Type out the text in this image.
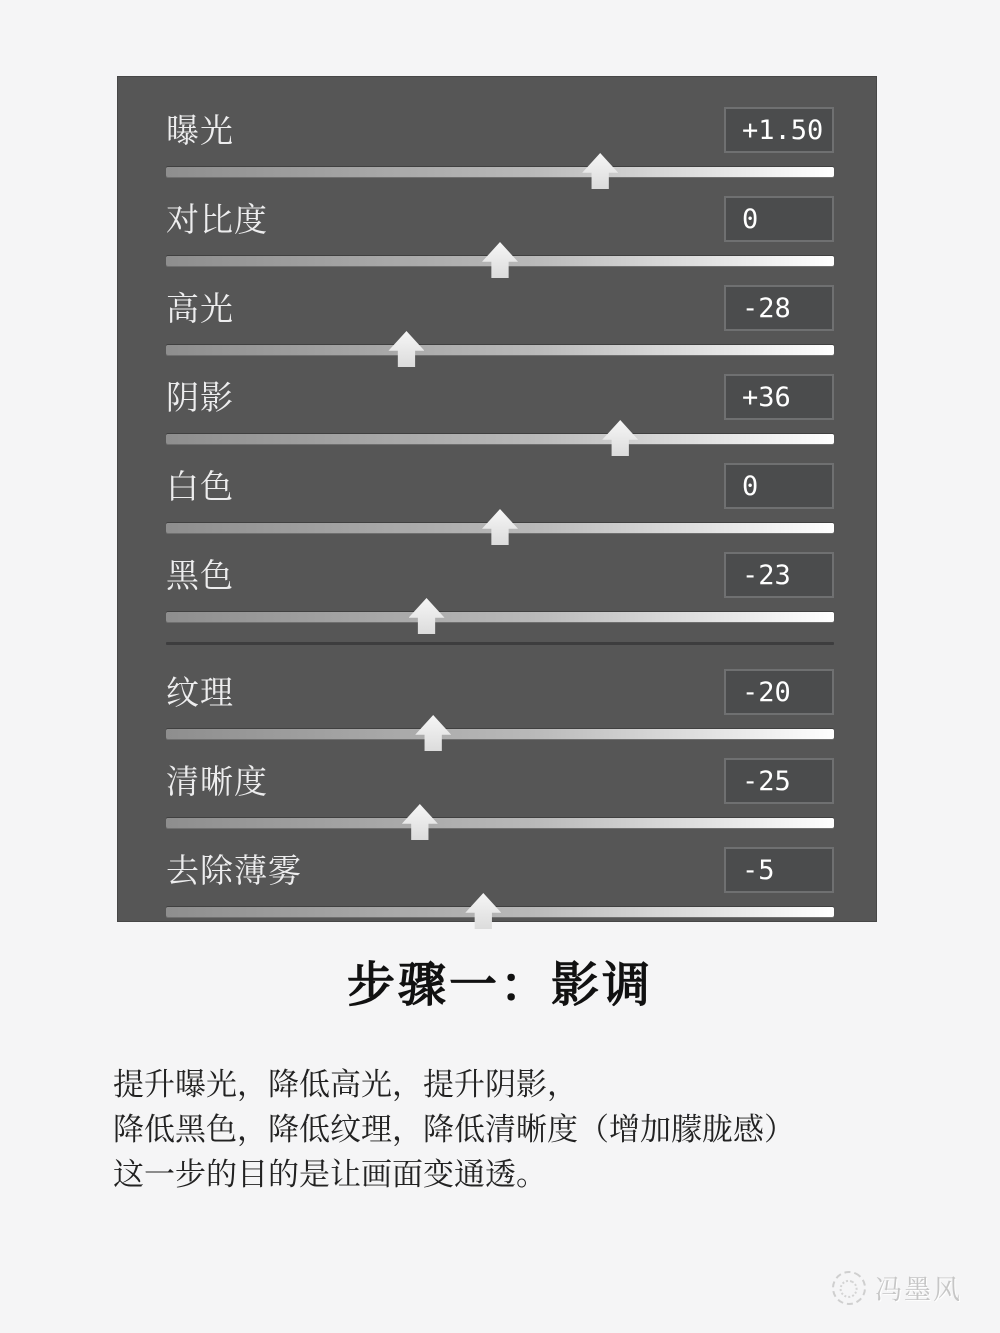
曝光	+1.50
对比度	0
高光	-28
阴影	+36
白色	0
黑色	-23
纹理	-20
清晰度	-25
去除薄雾	-5
步骤一：影调
提升曝光，降低高光，提升阴影，
降低黑色，降低纹理，降低清晰度（增加朦胧感）
这一步的目的是让画面变通透。
冯墨风
